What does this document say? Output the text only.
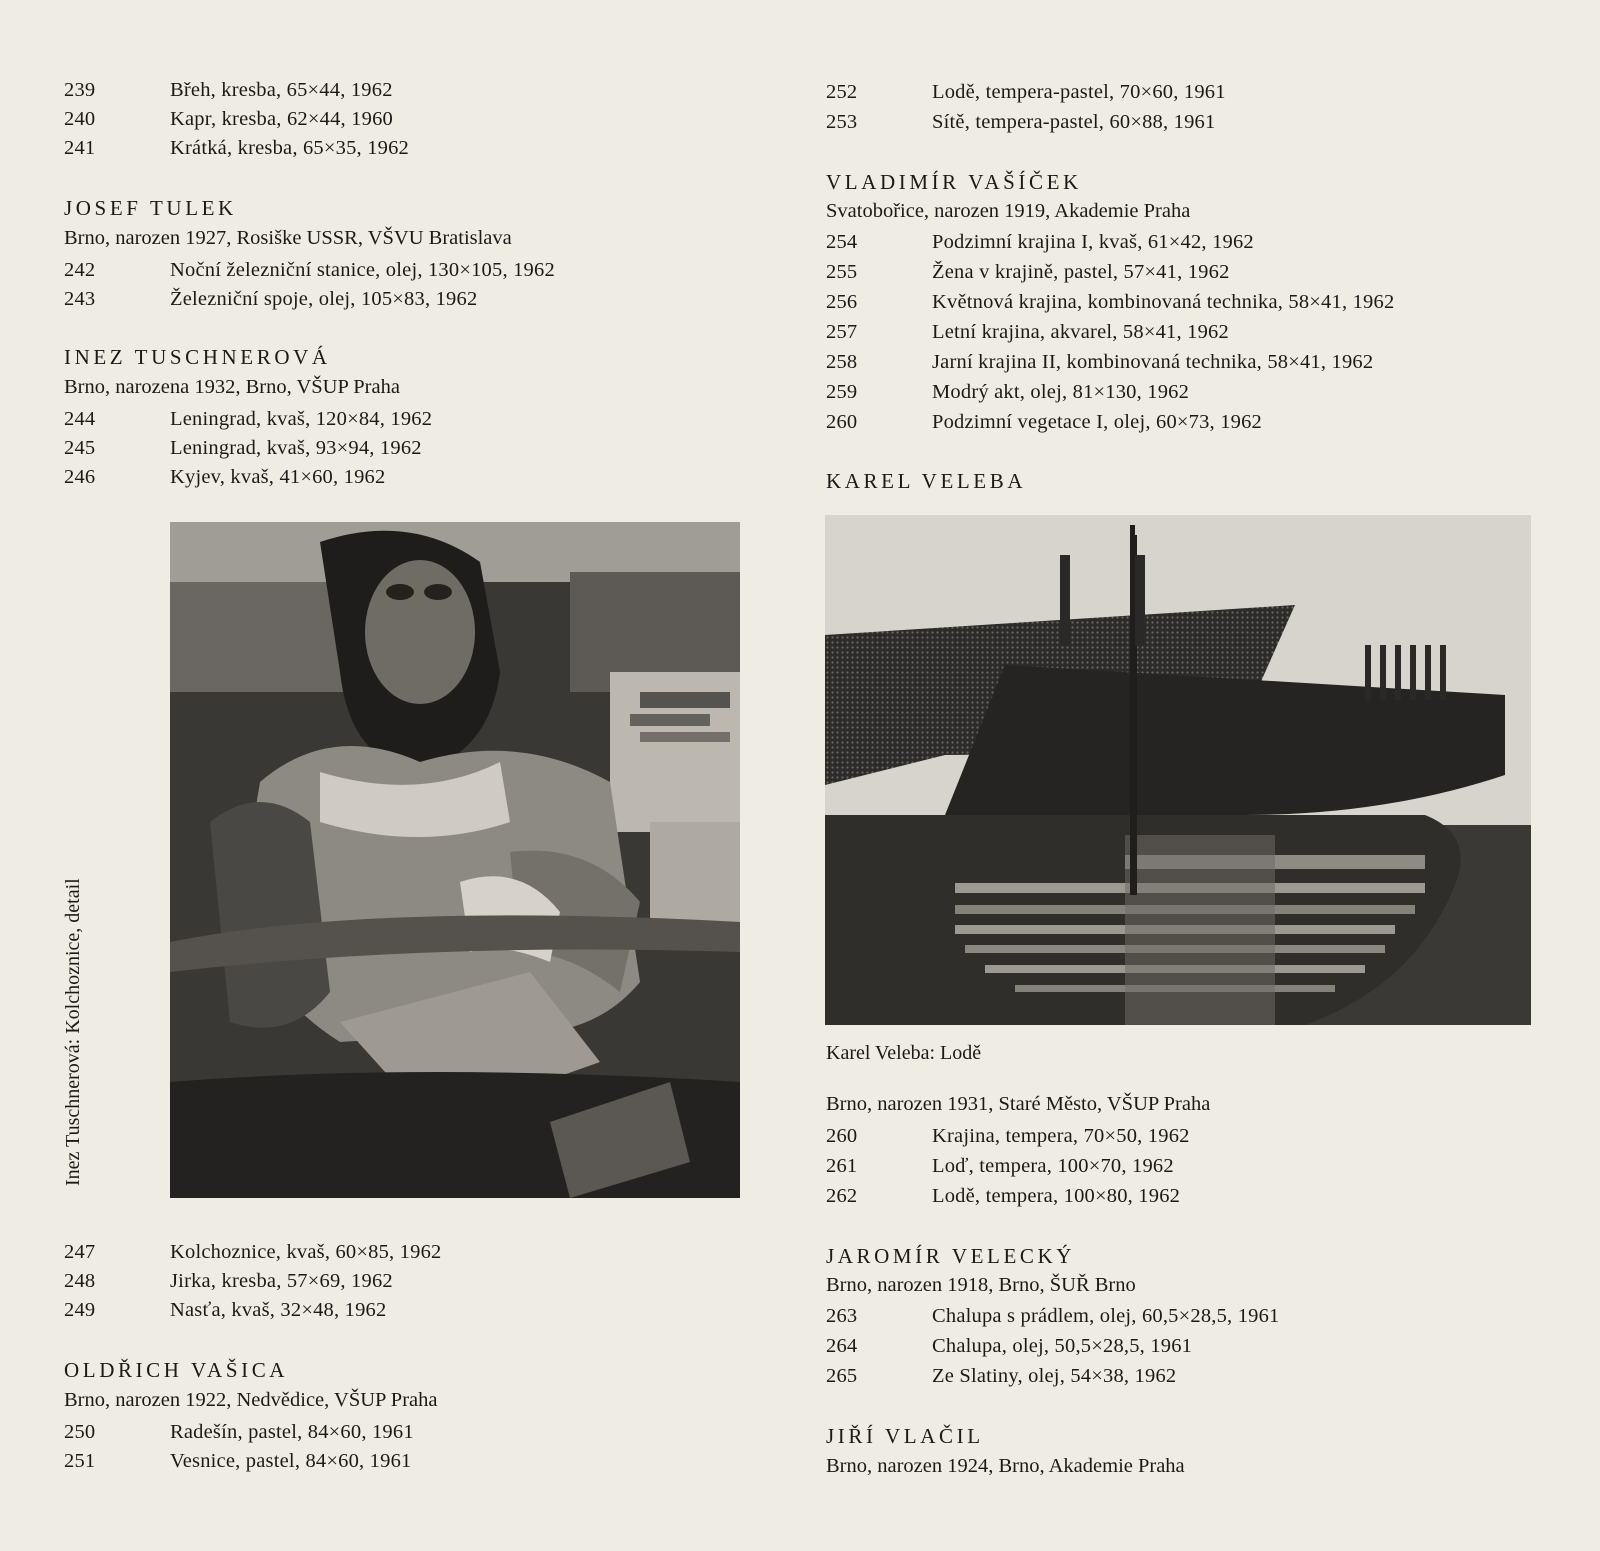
239	Břeh, kresba, 65×44, 1962
240	Kapr, kresba, 62×44, 1960
241	Krátká, kresba, 65×35, 1962
JOSEF TULEK
Brno, narozen 1927, Rosiške USSR, VŠVU Bratislava
242	Noční železniční stanice, olej, 130×105, 1962
243	Železniční spoje, olej, 105×83, 1962
INEZ TUSCHNEROVÁ
Brno, narozena 1932, Brno, VŠUP Praha
244	Leningrad, kvaš, 120×84, 1962
245	Leningrad, kvaš, 93×94, 1962
246	Kyjev, kvaš, 41×60, 1962
Inez Tuschnerová: Kolchoznice, detail
247	Kolchoznice, kvaš, 60×85, 1962
248	Jirka, kresba, 57×69, 1962
249	Nasťa, kvaš, 32×48, 1962
OLDŘICH VAŠICA
Brno, narozen 1922, Nedvědice, VŠUP Praha
250	Radešín, pastel, 84×60, 1961
251	Vesnice, pastel, 84×60, 1961
252	Lodě, tempera-pastel, 70×60, 1961
253	Sítě, tempera-pastel, 60×88, 1961
VLADIMÍR VAŠÍČEK
Svatobořice, narozen 1919, Akademie Praha
254	Podzimní krajina I, kvaš, 61×42, 1962
255	Žena v krajině, pastel, 57×41, 1962
256	Květnová krajina, kombinovaná technika, 58×41, 1962
257	Letní krajina, akvarel, 58×41, 1962
258	Jarní krajina II, kombinovaná technika, 58×41, 1962
259	Modrý akt, olej, 81×130, 1962
260	Podzimní vegetace I, olej, 60×73, 1962
KAREL VELEBA
Karel Veleba: Lodě
Brno, narozen 1931, Staré Město, VŠUP Praha
260	Krajina, tempera, 70×50, 1962
261	Loď, tempera, 100×70, 1962
262	Lodě, tempera, 100×80, 1962
JAROMÍR VELECKÝ
Brno, narozen 1918, Brno, ŠUŘ Brno
263	Chalupa s prádlem, olej, 60,5×28,5, 1961
264	Chalupa, olej, 50,5×28,5, 1961
265	Ze Slatiny, olej, 54×38, 1962
JIŘÍ VLAČIL
Brno, narozen 1924, Brno, Akademie Praha
